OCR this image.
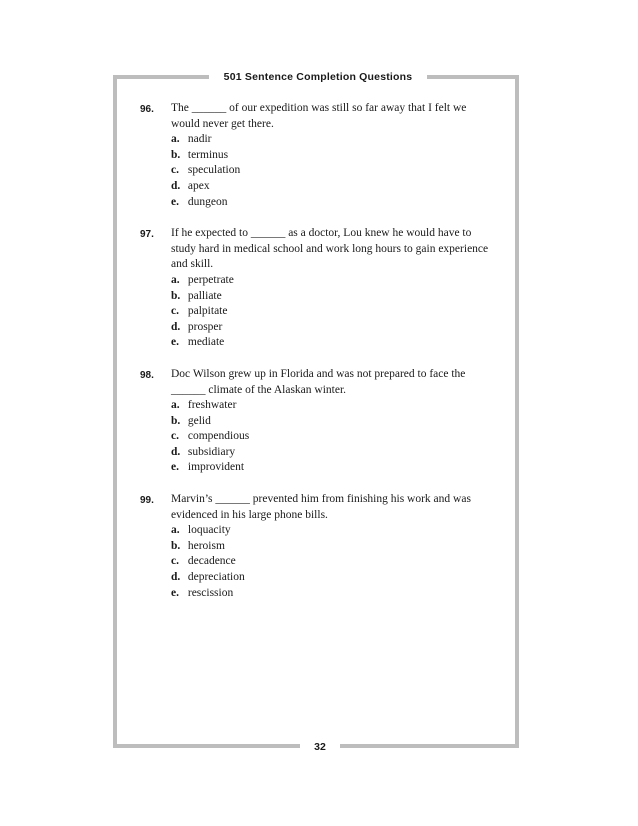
501 Sentence Completion Questions
96.	The ______ of our expedition was still so far away that I felt we would never get there.
a. nadir
b. terminus
c. speculation
d. apex
e. dungeon
97.	If he expected to ______ as a doctor, Lou knew he would have to study hard in medical school and work long hours to gain experience and skill.
a. perpetrate
b. palliate
c. palpitate
d. prosper
e. mediate
98.	Doc Wilson grew up in Florida and was not prepared to face the ______ climate of the Alaskan winter.
a. freshwater
b. gelid
c. compendious
d. subsidiary
e. improvident
99.	Marvin’s ______ prevented him from finishing his work and was evidenced in his large phone bills.
a. loquacity
b. heroism
c. decadence
d. depreciation
e. rescission
32
